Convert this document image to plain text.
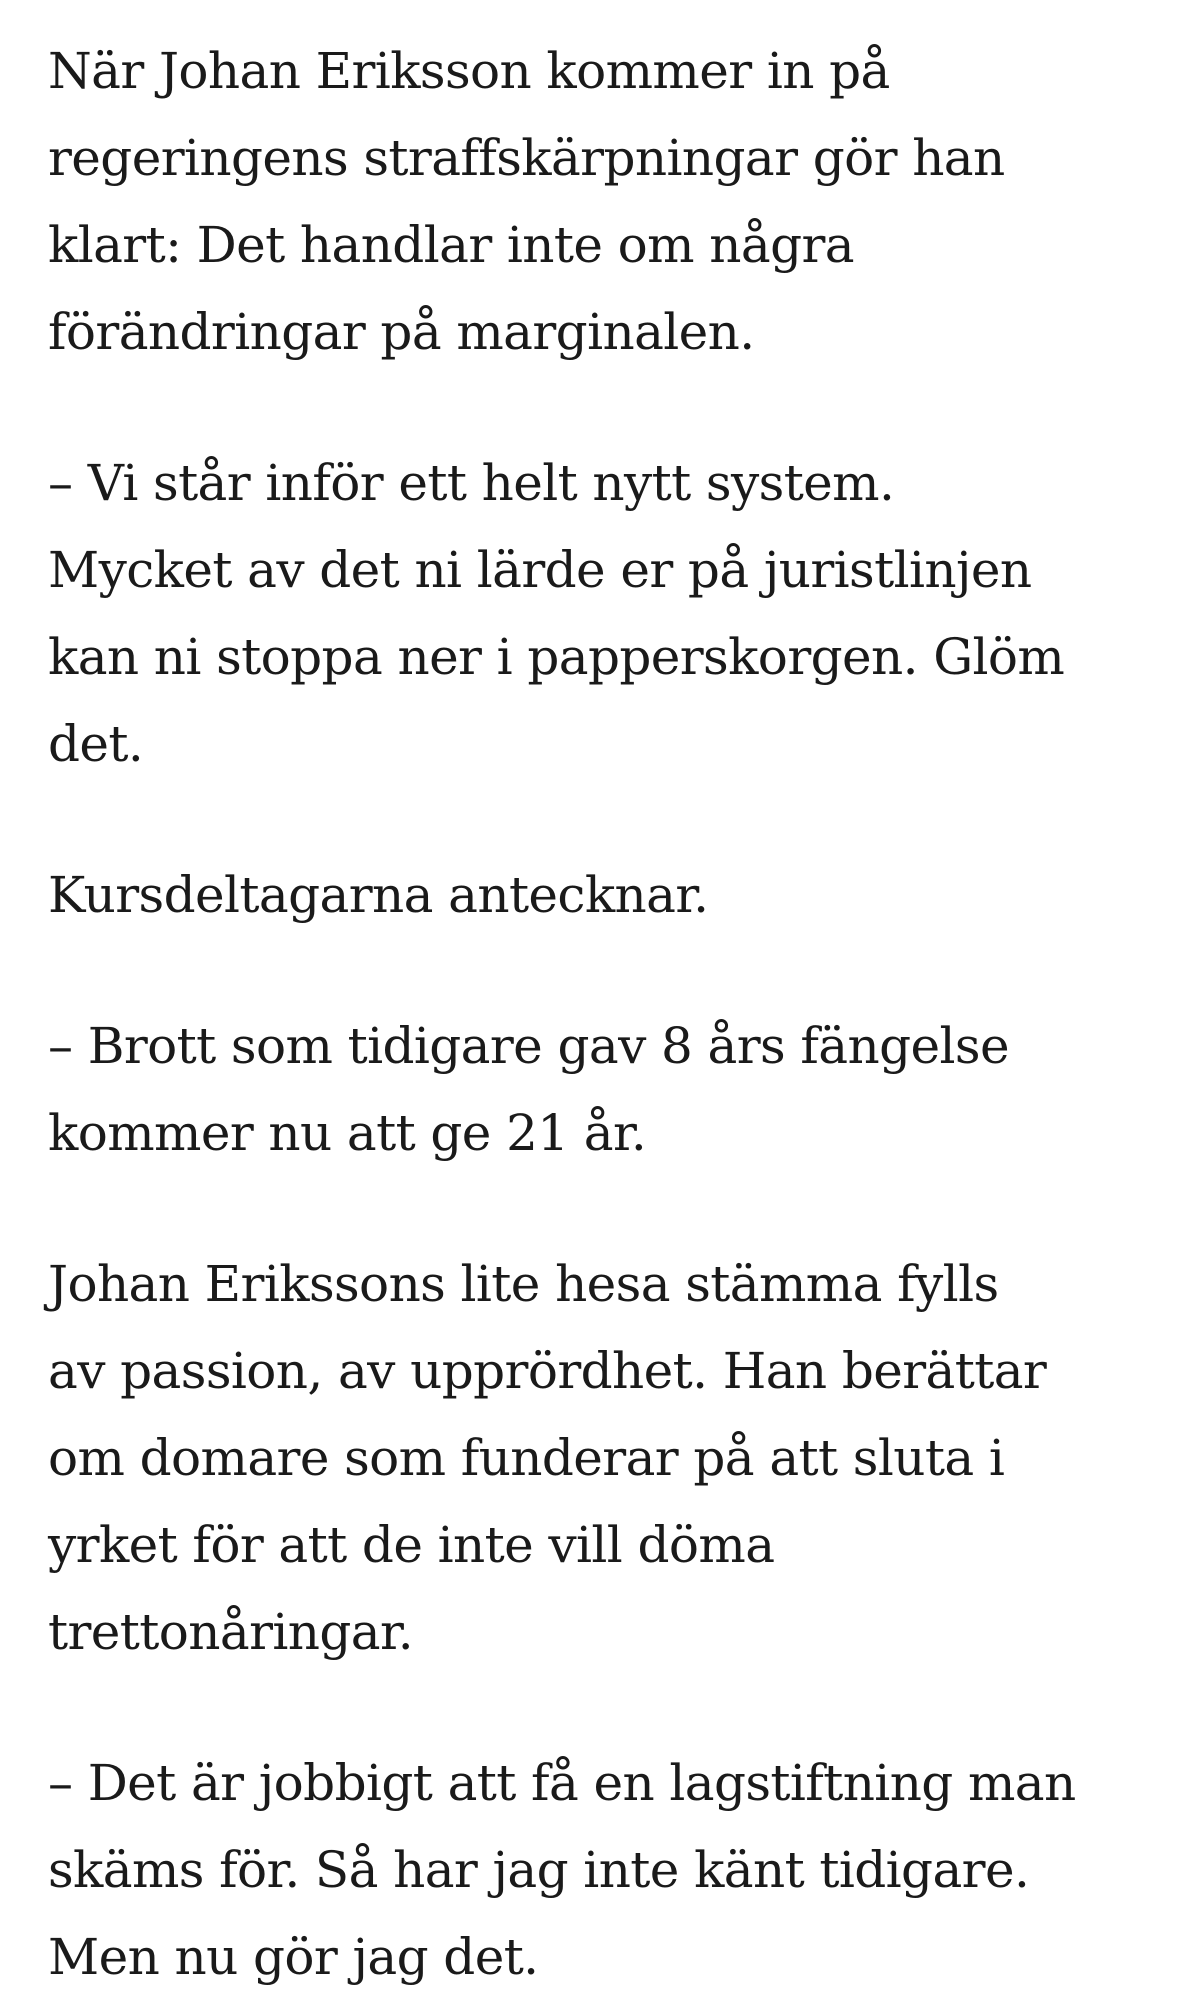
När Johan Eriksson kommer in på
regeringens straffskärpningar gör han
klart: Det handlar inte om några
förändringar på marginalen.

– Vi står inför ett helt nytt system.
Mycket av det ni lärde er på juristlinjen
kan ni stoppa ner i papperskorgen. Glöm
det.

Kursdeltagarna antecknar.

– Brott som tidigare gav 8 års fängelse
kommer nu att ge 21 år.

Johan Erikssons lite hesa stämma fylls
av passion, av upprördhet. Han berättar
om domare som funderar på att sluta i
yrket för att de inte vill döma
trettonåringar.

– Det är jobbigt att få en lagstiftning man
skäms för. Så har jag inte känt tidigare.
Men nu gör jag det.
